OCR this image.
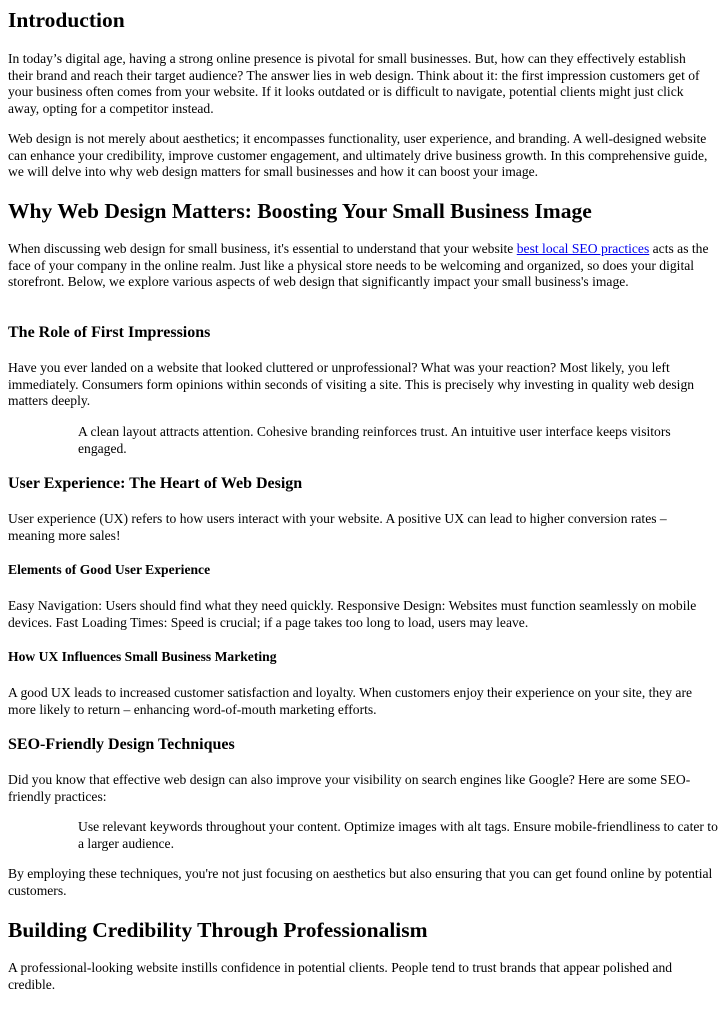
Introduction

In today’s digital age, having a strong online presence is pivotal for small businesses. But, how can they effectively establish their brand and reach their target audience? The answer lies in web design. Think about it: the first impression customers get of your business often comes from your website. If it looks outdated or is difficult to navigate, potential clients might just click away, opting for a competitor instead.

Web design is not merely about aesthetics; it encompasses functionality, user experience, and branding. A well-designed website can enhance your credibility, improve customer engagement, and ultimately drive business growth. In this comprehensive guide, we will delve into why web design matters for small businesses and how it can boost your image.

Why Web Design Matters: Boosting Your Small Business Image

When discussing web design for small business, it's essential to understand that your website best local SEO practices acts as the face of your company in the online realm. Just like a physical store needs to be welcoming and organized, so does your digital storefront. Below, we explore various aspects of web design that significantly impact your small business's image.

The Role of First Impressions

Have you ever landed on a website that looked cluttered or unprofessional? What was your reaction? Most likely, you left immediately. Consumers form opinions within seconds of visiting a site. This is precisely why investing in quality web design matters deeply.

A clean layout attracts attention. Cohesive branding reinforces trust. An intuitive user interface keeps visitors engaged.

User Experience: The Heart of Web Design

User experience (UX) refers to how users interact with your website. A positive UX can lead to higher conversion rates – meaning more sales!

Elements of Good User Experience

Easy Navigation: Users should find what they need quickly. Responsive Design: Websites must function seamlessly on mobile devices. Fast Loading Times: Speed is crucial; if a page takes too long to load, users may leave.

How UX Influences Small Business Marketing

A good UX leads to increased customer satisfaction and loyalty. When customers enjoy their experience on your site, they are more likely to return – enhancing word-of-mouth marketing efforts.

SEO-Friendly Design Techniques

Did you know that effective web design can also improve your visibility on search engines like Google? Here are some SEO-friendly practices:

Use relevant keywords throughout your content. Optimize images with alt tags. Ensure mobile-friendliness to cater to a larger audience.

By employing these techniques, you're not just focusing on aesthetics but also ensuring that you can get found online by potential customers.

Building Credibility Through Professionalism

A professional-looking website instills confidence in potential clients. People tend to trust brands that appear polished and credible.
